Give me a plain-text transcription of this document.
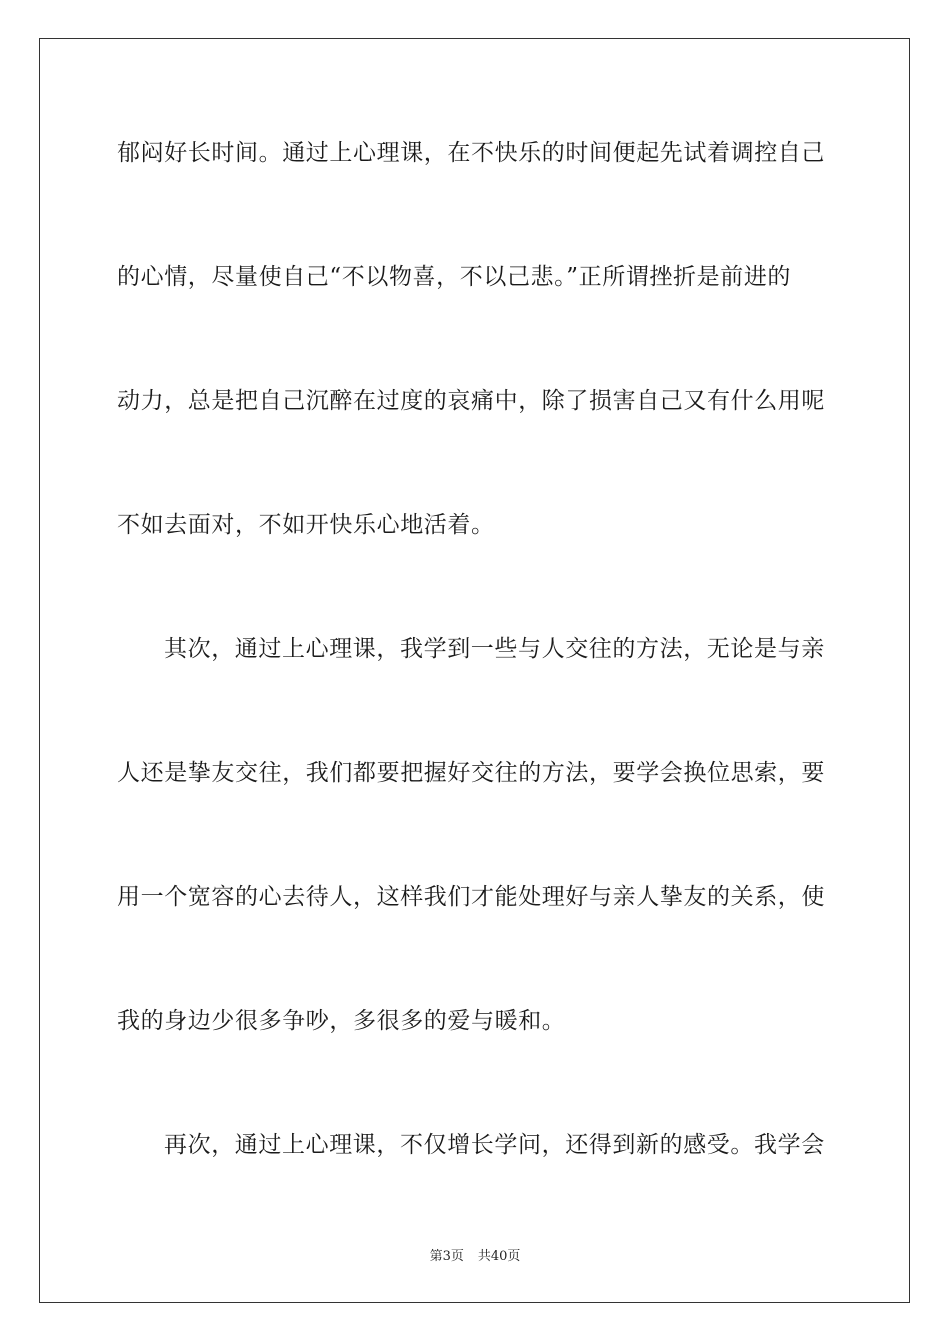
郁闷好长时间。通过上心理课，在不快乐的时间便起先试着调控自己

的心情，尽量使自己“不以物喜，不以己悲。”正所谓挫折是前进的

动力，总是把自己沉醉在过度的哀痛中，除了损害自己又有什么用呢

不如去面对，不如开快乐心地活着。

其次，通过上心理课，我学到一些与人交往的方法，无论是与亲

人还是挚友交往，我们都要把握好交往的方法，要学会换位思索，要

用一个宽容的心去待人，这样我们才能处理好与亲人挚友的关系，使

我的身边少很多争吵，多很多的爱与暖和。

再次，通过上心理课，不仅增长学问，还得到新的感受。我学会

第3页 共40页
